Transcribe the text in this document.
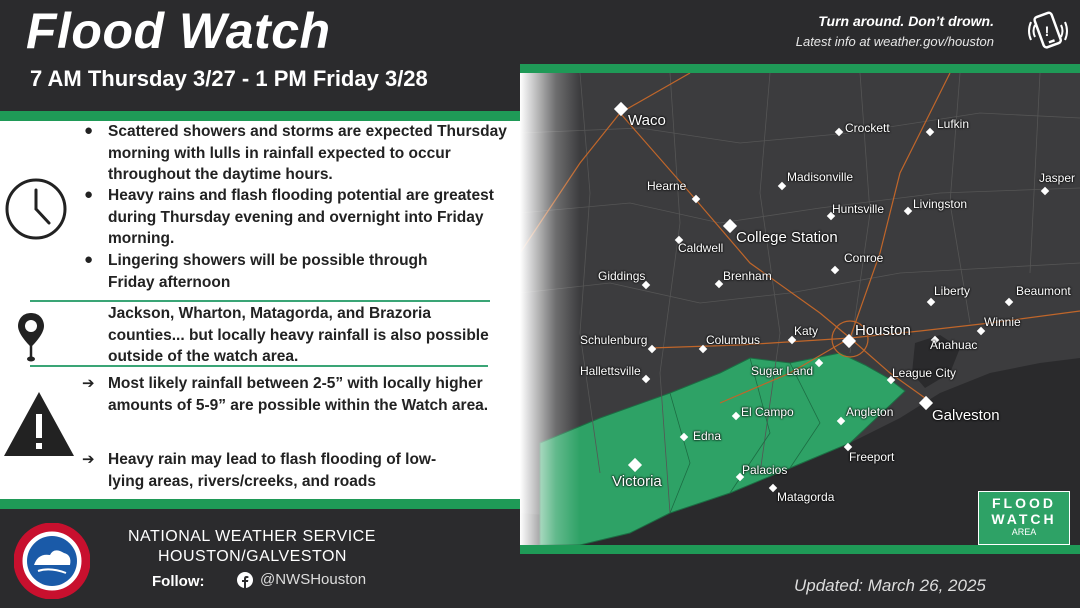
Flood Watch
7 AM Thursday 3/27 - 1 PM Friday 3/28
Turn around. Don’t drown.
Latest info at weather.gov/houston
!
Waco	Crockett	Lufkin
Madisonville	Jasper
Hearne
Huntsville Livingston
College Station
Caldwell
Conroe
Giddings	Brenham
Liberty	Beaumont
Winnie
Katy Houston
Schulenburg	Columbus	Anahuac
Hallettsville	Sugar Land	League City
El Campo	Angleton	Galveston
Edna
Freeport
Palacios
Victoria
Matagorda	FLOOD
WATCH
AREA
● Scattered showers and storms are expected Thursday morning with lulls in rainfall expected to occur throughout the daytime hours.
● Heavy rains and flash flooding potential are greatest during Thursday evening and overnight into Friday morning.
● Lingering showers will be possible through Friday afternoon
Jackson, Wharton, Matagorda, and Brazoria counties... but locally heavy rainfall is also possible outside of the watch area.
➔ Most likely rainfall between 2-5” with locally higher amounts of 5-9” are possible within the Watch area.
➔ Heavy rain may lead to flash flooding of low-lying areas, rivers/creeks, and roads
NATIONAL WEATHER SERVICE
HOUSTON/GALVESTON
Follow:	@NWSHouston	Updated: March 26, 2025
